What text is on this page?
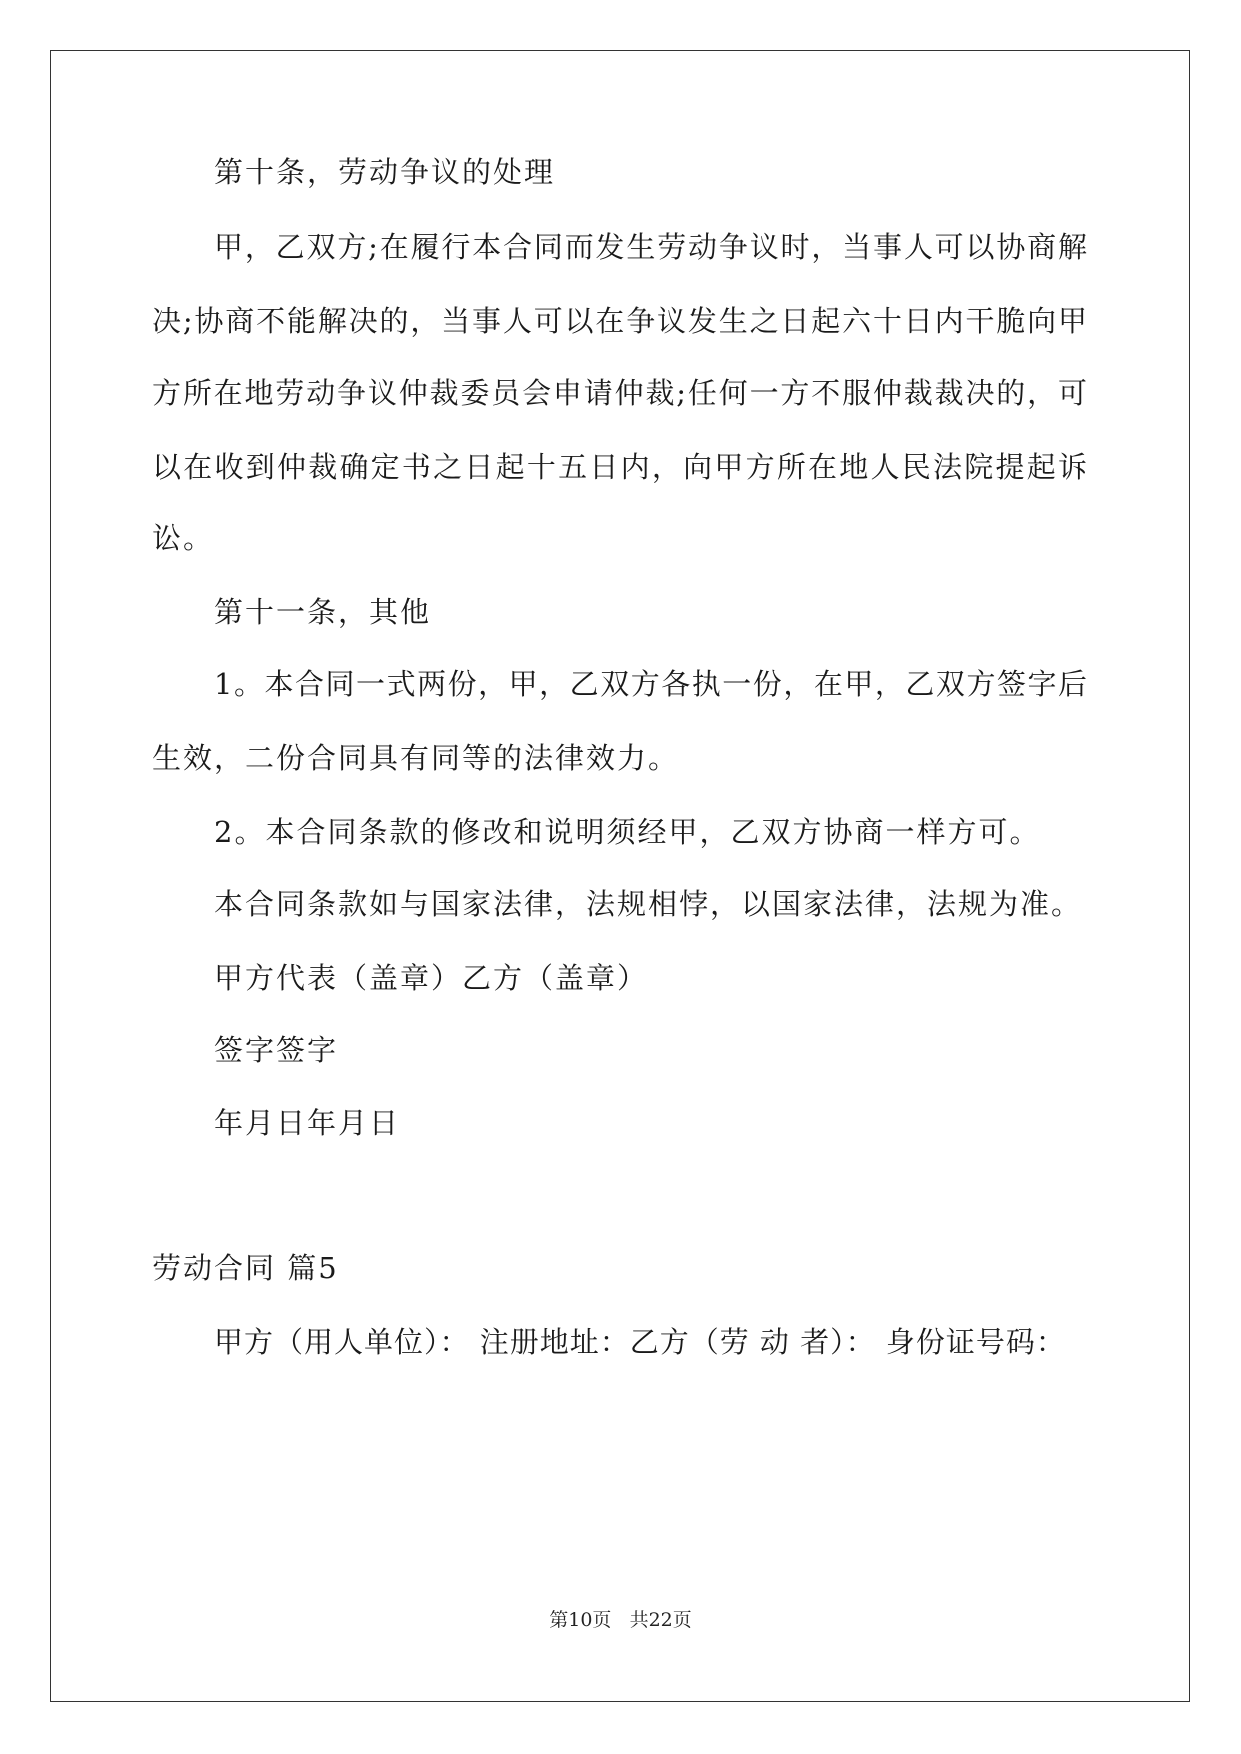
第十条，劳动争议的处理
甲，乙双方;在履行本合同而发生劳动争议时，当事人可以协商解
决;协商不能解决的，当事人可以在争议发生之日起六十日内干脆向甲
方所在地劳动争议仲裁委员会申请仲裁;任何一方不服仲裁裁决的，可
以在收到仲裁确定书之日起十五日内，向甲方所在地人民法院提起诉
讼。
第十一条，其他
1。本合同一式两份，甲，乙双方各执一份，在甲，乙双方签字后
生效，二份合同具有同等的法律效力。
2。本合同条款的修改和说明须经甲，乙双方协商一样方可。
本合同条款如与国家法律，法规相悖，以国家法律，法规为准。
甲方代表（盖章）乙方（盖章）
签字签字
年月日年月日
劳动合同 篇5
甲方（用人单位）： 注册地址：乙方（劳 动 者）： 身份证号码：
第10页 共22页
